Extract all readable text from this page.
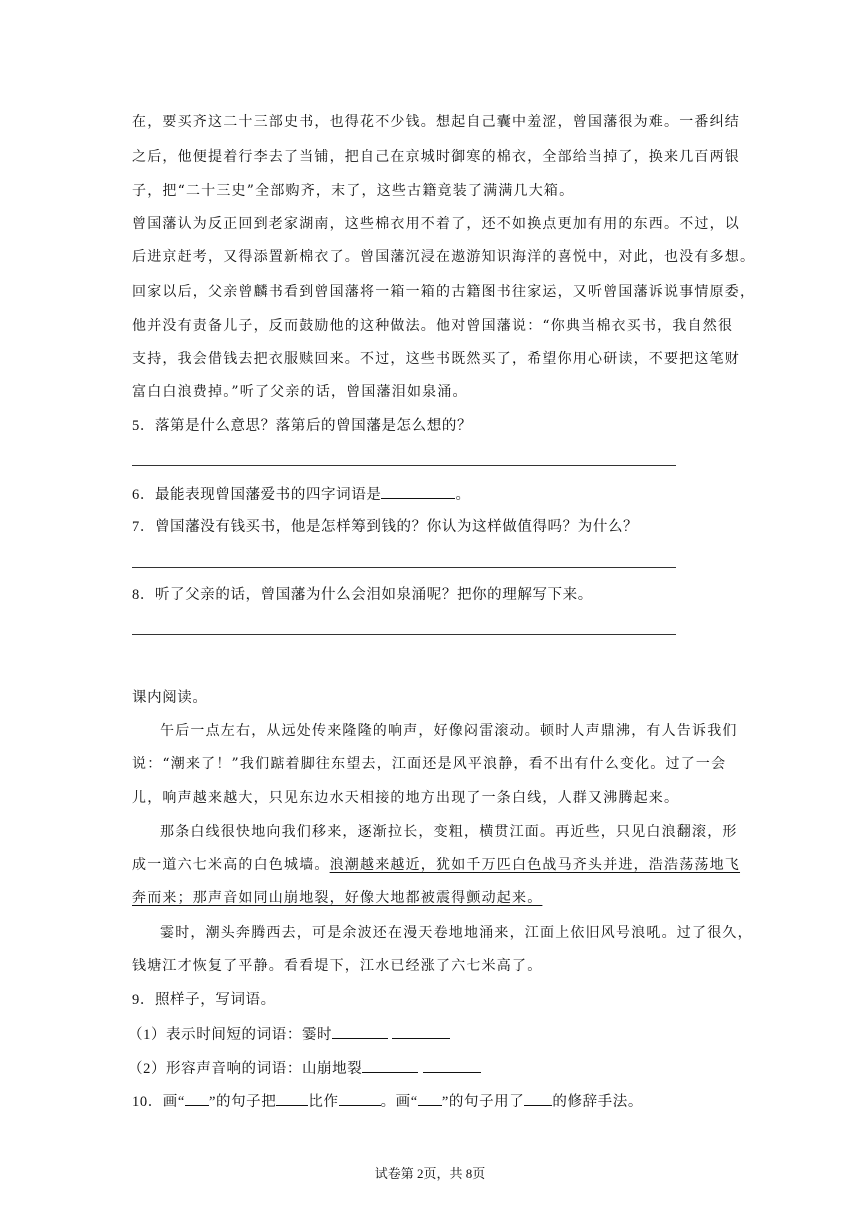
在，要买齐这二十三部史书，也得花不少钱。想起自己囊中羞涩，曾国藩很为难。一番纠结
之后，他便提着行李去了当铺，把自己在京城时御寒的棉衣，全部给当掉了，换来几百两银
子，把“二十三史”全部购齐，末了，这些古籍竟装了满满几大箱。
曾国藩认为反正回到老家湖南，这些棉衣用不着了，还不如换点更加有用的东西。不过，以
后进京赶考，又得添置新棉衣了。曾国藩沉浸在遨游知识海洋的喜悦中，对此，也没有多想。
回家以后，父亲曾麟书看到曾国藩将一箱一箱的古籍图书往家运，又听曾国藩诉说事情原委，
他并没有责备儿子，反而鼓励他的这种做法。他对曾国藩说：“你典当棉衣买书，我自然很
支持，我会借钱去把衣服赎回来。不过，这些书既然买了，希望你用心研读，不要把这笔财
富白白浪费掉。”听了父亲的话，曾国藩泪如泉涌。
5．落第是什么意思？落第后的曾国藩是怎么想的？
6．最能表现曾国藩爱书的四字词语是	。
7．曾国藩没有钱买书，他是怎样筹到钱的？你认为这样做值得吗？为什么？
8．听了父亲的话，曾国藩为什么会泪如泉涌呢？把你的理解写下来。
课内阅读。
午后一点左右，从远处传来隆隆的响声，好像闷雷滚动。顿时人声鼎沸，有人告诉我们
说：“潮来了！”我们踮着脚往东望去，江面还是风平浪静，看不出有什么变化。过了一会
儿，响声越来越大，只见东边水天相接的地方出现了一条白线，人群又沸腾起来。
那条白线很快地向我们移来，逐渐拉长，变粗，横贯江面。再近些，只见白浪翻滚，形
成一道六七米高的白色城墙。浪潮越来越近，犹如千万匹白色战马齐头并进，浩浩荡荡地飞
奔而来；那声音如同山崩地裂，好像大地都被震得颤动起来。
霎时，潮头奔腾西去，可是余波还在漫天卷地地涌来，江面上依旧风号浪吼。过了很久，
钱塘江才恢复了平静。看看堤下，江水已经涨了六七米高了。
9．照样子，写词语。
（1）表示时间短的词语：霎时
（2）形容声音响的词语：山崩地裂
10．画“ ”的句子把 比作	。画“ ”的句子用了 的修辞手法。
试卷第 2页，共 8页
